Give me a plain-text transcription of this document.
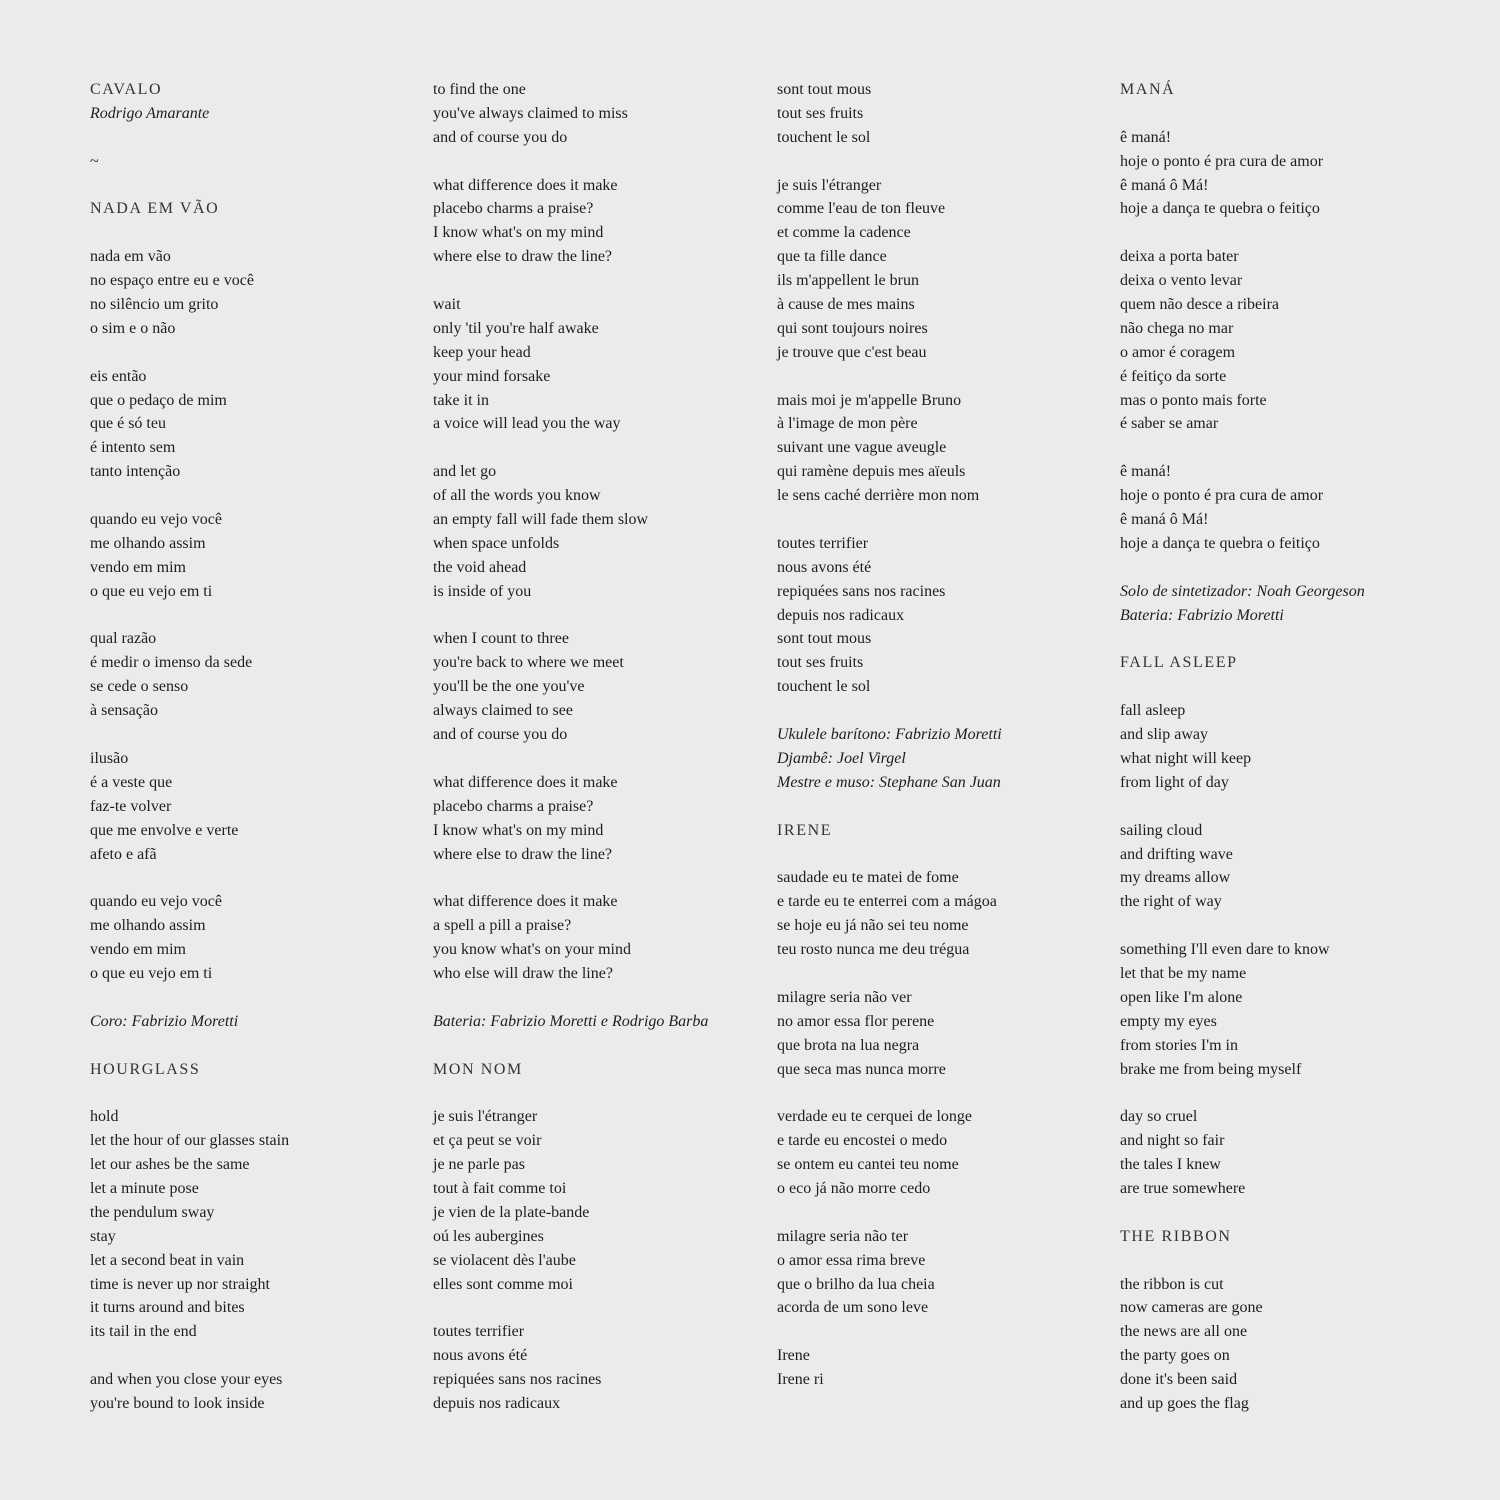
CAVALO
Rodrigo Amarante
~
NADA EM VÃO
nada em vão
no espaço entre eu e você
no silêncio um grito
o sim e o não
eis então
que o pedaço de mim
que é só teu
é intento sem
tanto intenção
quando eu vejo você
me olhando assim
vendo em mim
o que eu vejo em ti
qual razão
é medir o imenso da sede
se cede o senso
à sensação
ilusão
é a veste que
faz-te volver
que me envolve e verte
afeto e afã
quando eu vejo você
me olhando assim
vendo em mim
o que eu vejo em ti
Coro: Fabrizio Moretti
HOURGLASS
hold
let the hour of our glasses stain
let our ashes be the same
let a minute pose
the pendulum sway
stay
let a second beat in vain
time is never up nor straight
it turns around and bites
its tail in the end
and when you close your eyes
you're bound to look inside
to find the one
you've always claimed to miss
and of course you do
what difference does it make
placebo charms a praise?
I know what's on my mind
where else to draw the line?
wait
only 'til you're half awake
keep your head
your mind forsake
take it in
a voice will lead you the way
and let go
of all the words you know
an empty fall will fade them slow
when space unfolds
the void ahead
is inside of you
when I count to three
you're back to where we meet
you'll be the one you've
always claimed to see
and of course you do
what difference does it make
placebo charms a praise?
I know what's on my mind
where else to draw the line?
what difference does it make
a spell a pill a praise?
you know what's on your mind
who else will draw the line?
Bateria: Fabrizio Moretti e Rodrigo Barba
MON NOM
je suis l'étranger
et ça peut se voir
je ne parle pas
tout à fait comme toi
je vien de la plate-bande
oú les aubergines
se violacent dès l'aube
elles sont comme moi
toutes terrifier
nous avons été
repiquées sans nos racines
depuis nos radicaux
sont tout mous
tout ses fruits
touchent le sol
je suis l'étranger
comme l'eau de ton fleuve
et comme la cadence
que ta fille dance
ils m'appellent le brun
à cause de mes mains
qui sont toujours noires
je trouve que c'est beau
mais moi je m'appelle Bruno
à l'image de mon père
suivant une vague aveugle
qui ramène depuis mes aïeuls
le sens caché derrière mon nom
toutes terrifier
nous avons été
repiquées sans nos racines
depuis nos radicaux
sont tout mous
tout ses fruits
touchent le sol
Ukulele barítono: Fabrizio Moretti
Djambê: Joel Virgel
Mestre e muso: Stephane San Juan
IRENE
saudade eu te matei de fome
e tarde eu te enterrei com a mágoa
se hoje eu já não sei teu nome
teu rosto nunca me deu trégua
milagre seria não ver
no amor essa flor perene
que brota na lua negra
que seca mas nunca morre
verdade eu te cerquei de longe
e tarde eu encostei o medo
se ontem eu cantei teu nome
o eco já não morre cedo
milagre seria não ter
o amor essa rima breve
que o brilho da lua cheia
acorda de um sono leve
Irene
Irene ri
MANÁ
ê maná!
hoje o ponto é pra cura de amor
ê maná ô Má!
hoje a dança te quebra o feitiço
deixa a porta bater
deixa o vento levar
quem não desce a ribeira
não chega no mar
o amor é coragem
é feitiço da sorte
mas o ponto mais forte
é saber se amar
ê maná!
hoje o ponto é pra cura de amor
ê maná ô Má!
hoje a dança te quebra o feitiço
Solo de sintetizador: Noah Georgeson
Bateria: Fabrizio Moretti
FALL ASLEEP
fall asleep
and slip away
what night will keep
from light of day
sailing cloud
and drifting wave
my dreams allow
the right of way
something I'll even dare to know
let that be my name
open like I'm alone
empty my eyes
from stories I'm in
brake me from being myself
day so cruel
and night so fair
the tales I knew
are true somewhere
THE RIBBON
the ribbon is cut
now cameras are gone
the news are all one
the party goes on
done it's been said
and up goes the flag
